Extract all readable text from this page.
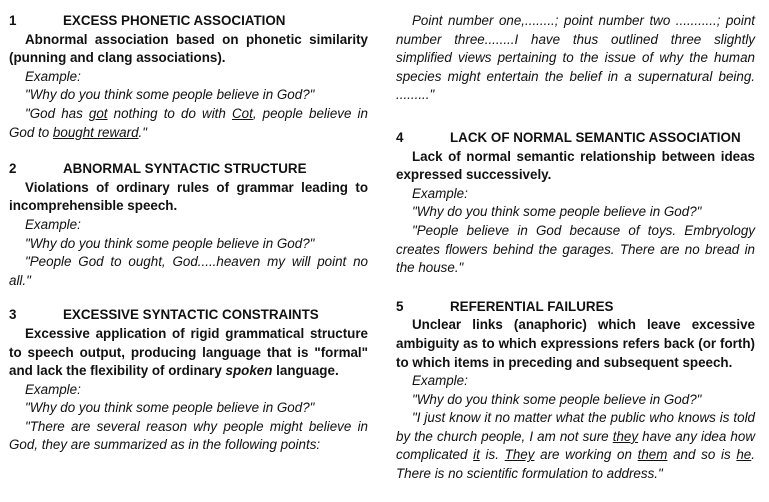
1	EXCESS PHONETIC ASSOCIATION
Abnormal association based on phonetic similarity (punning and clang associations).
Example:
"Why do you think some people believe in God?"
"God has got nothing to do with Cot, people believe in God to bought reward."
2	ABNORMAL SYNTACTIC STRUCTURE
Violations of ordinary rules of grammar leading to incomprehensible speech.
Example:
"Why do you think some people believe in God?"
"People God to ought, God.....heaven my will point no all."
3	EXCESSIVE SYNTACTIC CONSTRAINTS
Excessive application of rigid grammatical structure to speech output, producing language that is "formal" and lack the flexibility of ordinary spoken language.
Example:
"Why do you think some people believe in God?"
"There are several reason why people might believe in God, they are summarized as in the following points:
Point number one,........; point number two ...........; point number three........I have thus outlined three slightly simplified views pertaining to the issue of why the human species might entertain the belief in a supernatural being. ........."
4	LACK OF NORMAL SEMANTIC ASSOCIATION
Lack of normal semantic relationship between ideas expressed successively.
Example:
"Why do you think some people believe in God?"
"People believe in God because of toys. Embryology creates flowers behind the garages. There are no bread in the house."
5	REFERENTIAL FAILURES
Unclear links (anaphoric) which leave excessive ambiguity as to which expressions refers back (or forth) to which items in preceding and subsequent speech.
Example:
"Why do you think some people believe in God?"
"I just know it no matter what the public who knows is told by the church people, I am not sure they have any idea how complicated it is. They are working on them and so is he. There is no scientific formulation to address."
